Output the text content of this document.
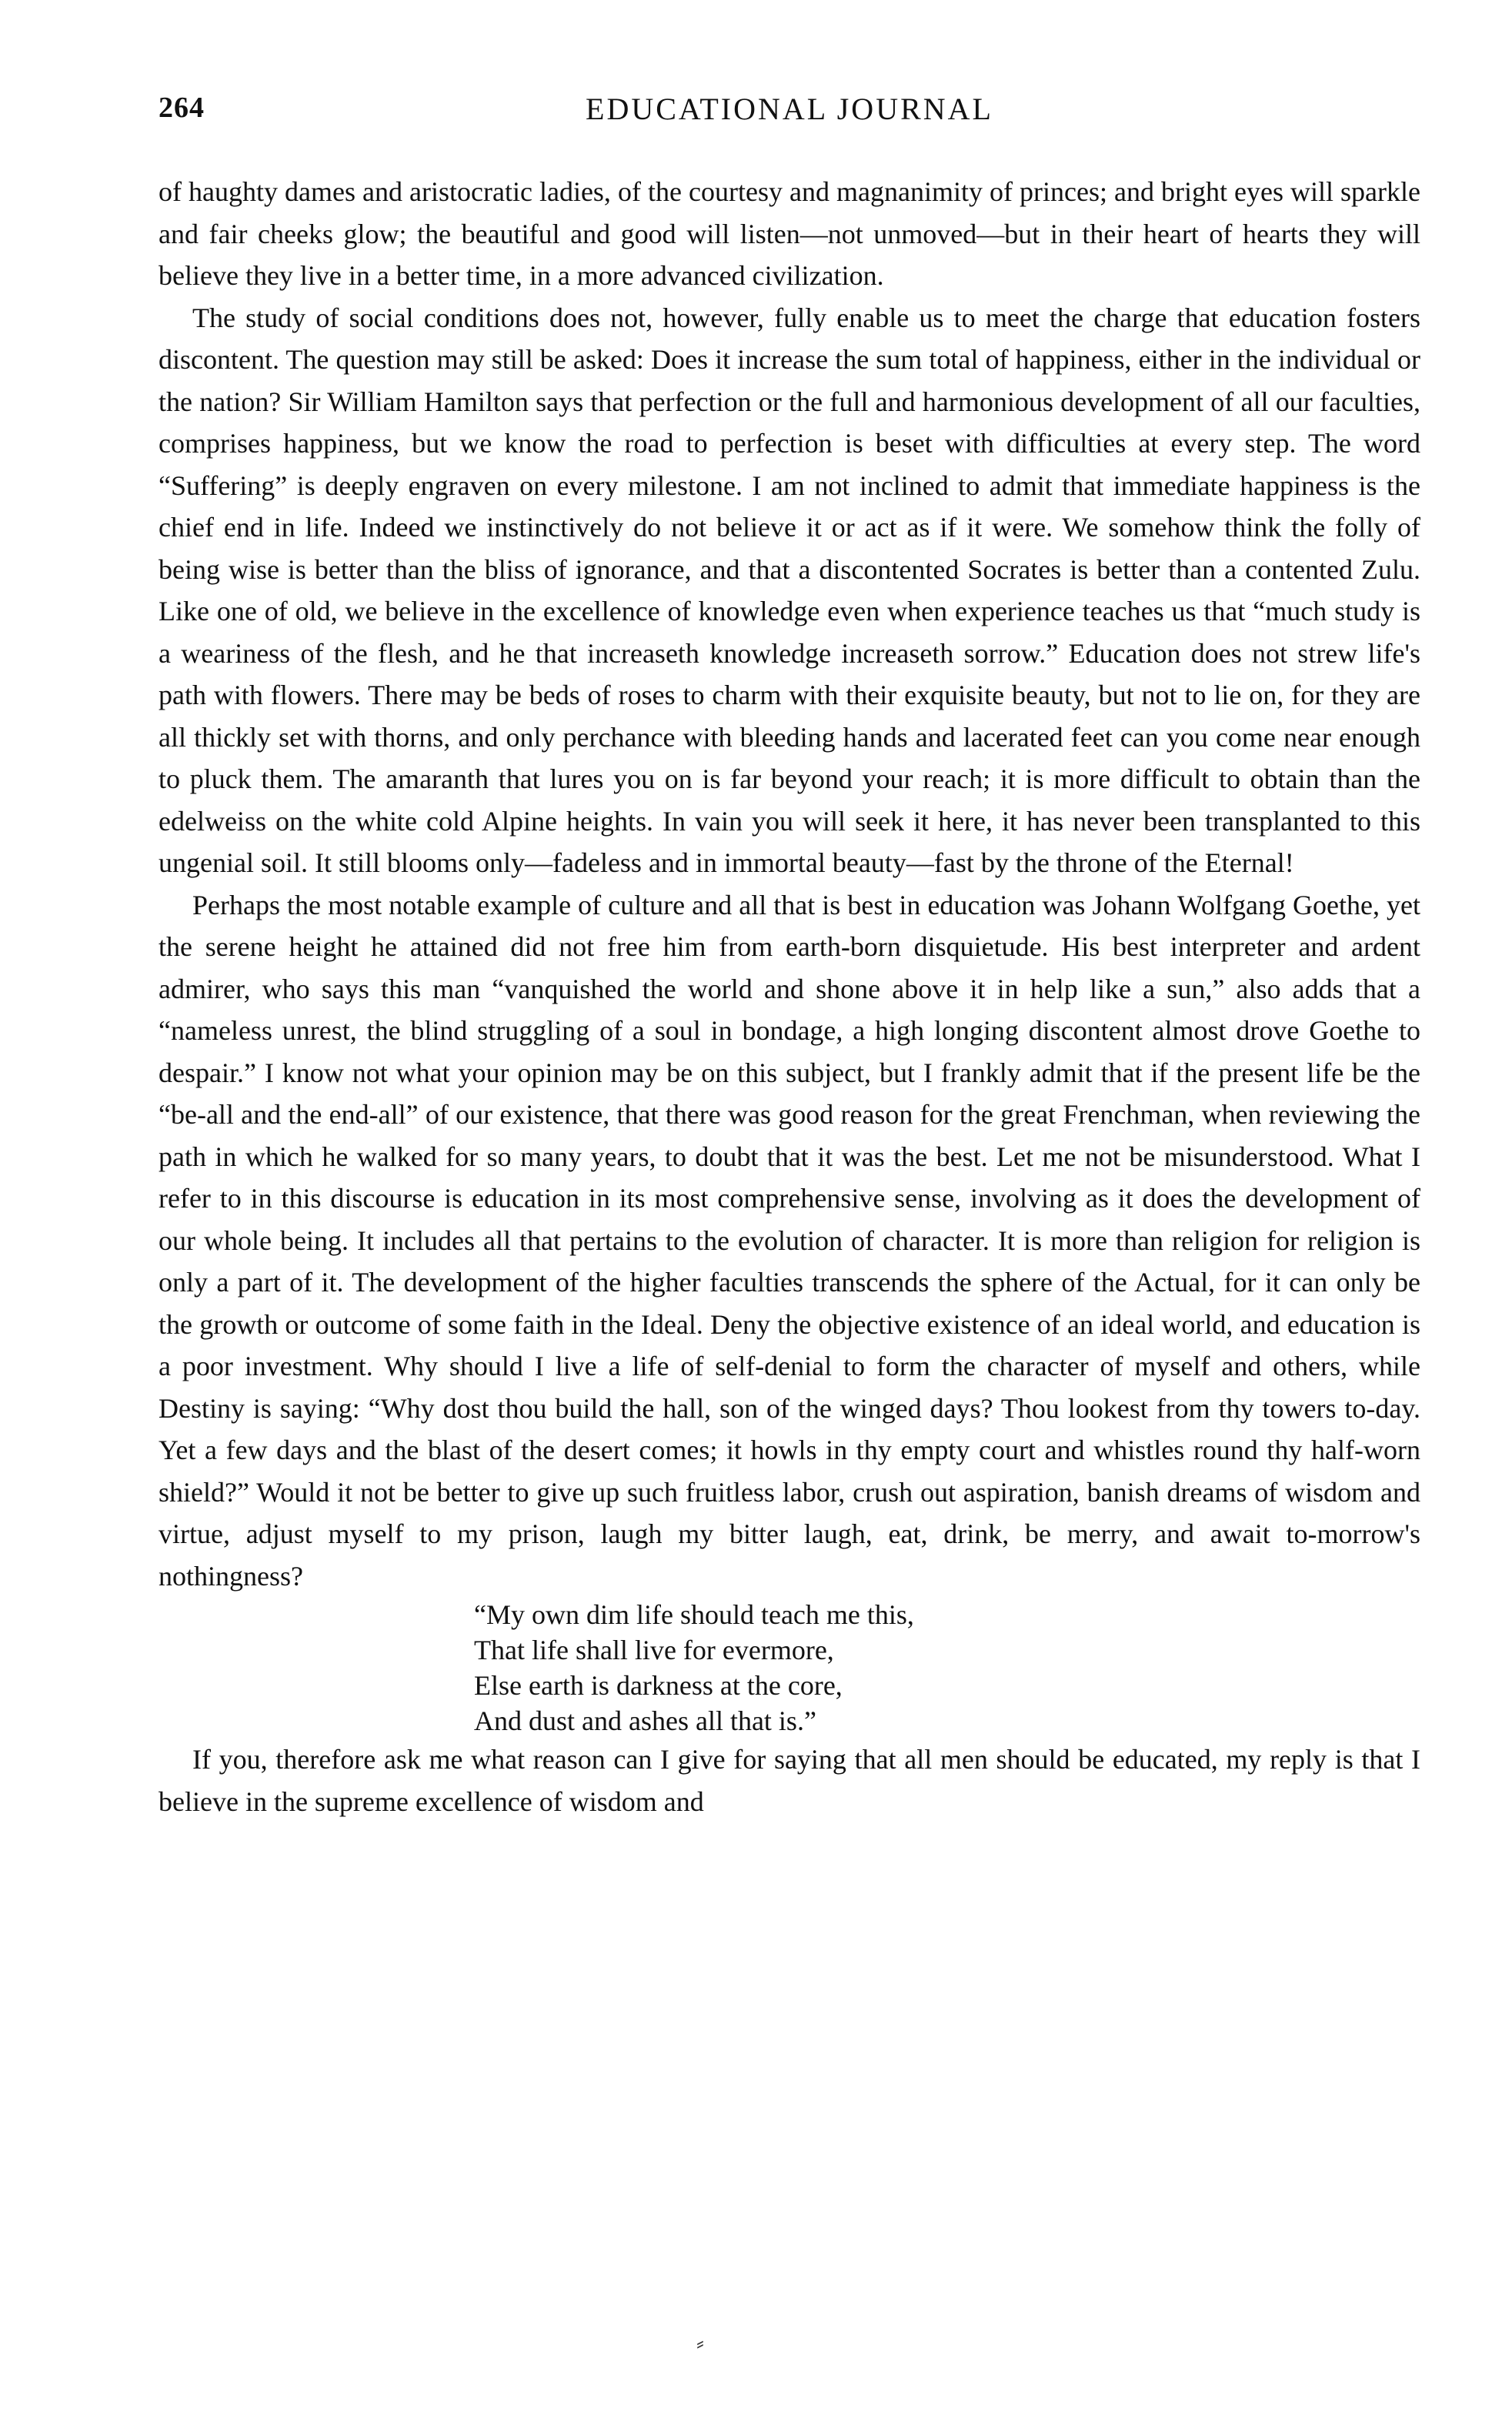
264	EDUCATIONAL JOURNAL

of haughty dames and aristocratic ladies, of the courtesy and magnanimity of princes; and bright eyes will sparkle and fair cheeks glow; the beautiful and good will listen—not unmoved—but in their heart of hearts they will believe they live in a better time, in a more advanced civilization.

The study of social conditions does not, however, fully enable us to meet the charge that education fosters discontent. The question may still be asked: Does it increase the sum total of happiness, either in the individual or the nation? Sir William Hamilton says that perfection or the full and harmonious development of all our faculties, comprises happiness, but we know the road to perfection is beset with difficulties at every step. The word “Suffering” is deeply engraven on every milestone. I am not inclined to admit that immediate happiness is the chief end in life. Indeed we instinctively do not believe it or act as if it were. We somehow think the folly of being wise is better than the bliss of ignorance, and that a discontented Socrates is better than a contented Zulu. Like one of old, we believe in the excellence of knowledge even when experience teaches us that “much study is a weariness of the flesh, and he that increaseth knowledge increaseth sorrow.” Education does not strew life's path with flowers. There may be beds of roses to charm with their exquisite beauty, but not to lie on, for they are all thickly set with thorns, and only perchance with bleeding hands and lacerated feet can you come near enough to pluck them. The amaranth that lures you on is far beyond your reach; it is more difficult to obtain than the edelweiss on the white cold Alpine heights. In vain you will seek it here, it has never been transplanted to this ungenial soil. It still blooms only—fadeless and in immortal beauty—fast by the throne of the Eternal!

Perhaps the most notable example of culture and all that is best in education was Johann Wolfgang Goethe, yet the serene height he attained did not free him from earth-born disquietude. His best interpreter and ardent admirer, who says this man “vanquished the world and shone above it in help like a sun,” also adds that a “nameless unrest, the blind struggling of a soul in bondage, a high longing discontent almost drove Goethe to despair.” I know not what your opinion may be on this subject, but I frankly admit that if the present life be the “be-all and the end-all” of our existence, that there was good reason for the great Frenchman, when reviewing the path in which he walked for so many years, to doubt that it was the best. Let me not be misunderstood. What I refer to in this discourse is education in its most comprehensive sense, involving as it does the development of our whole being. It includes all that pertains to the evolution of character. It is more than religion for religion is only a part of it. The development of the higher faculties transcends the sphere of the Actual, for it can only be the growth or outcome of some faith in the Ideal. Deny the objective existence of an ideal world, and education is a poor investment. Why should I live a life of self-denial to form the character of myself and others, while Destiny is saying: “Why dost thou build the hall, son of the winged days? Thou lookest from thy towers to-day. Yet a few days and the blast of the desert comes; it howls in thy empty court and whistles round thy half-worn shield?” Would it not be better to give up such fruitless labor, crush out aspiration, banish dreams of wisdom and virtue, adjust myself to my prison, laugh my bitter laugh, eat, drink, be merry, and await to-morrow's nothingness?

“My own dim life should teach me this,
That life shall live for evermore,
Else earth is darkness at the core,
And dust and ashes all that is.”

If you, therefore ask me what reason can I give for saying that all men should be educated, my reply is that I believe in the supreme excellence of wisdom and

⸗
